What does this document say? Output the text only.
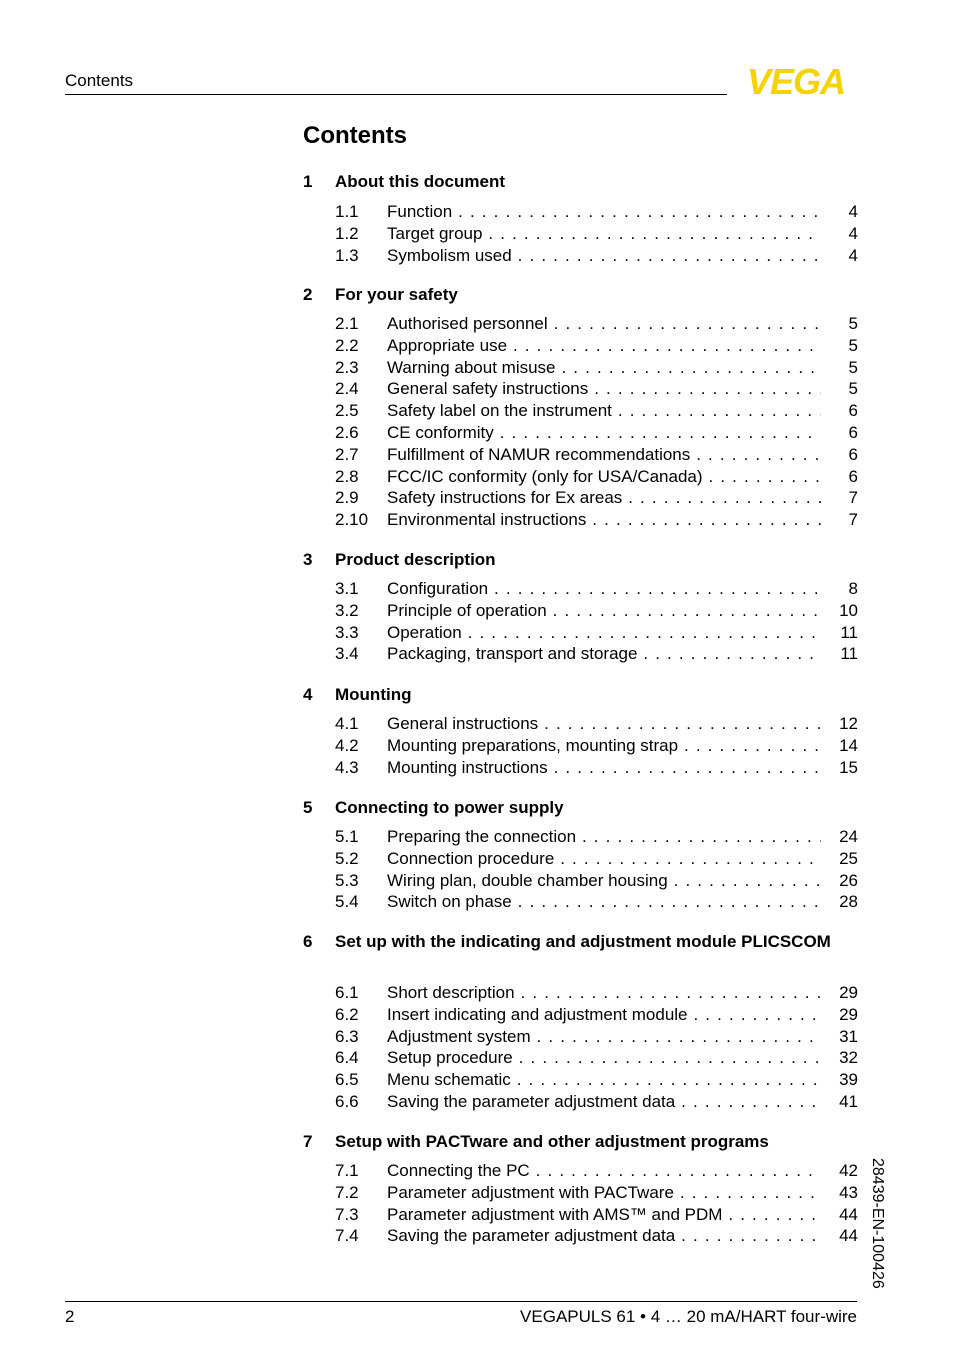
Contents	VEGA
Contents
1 About this document
1.1 Function . . .	4
1.2 Target group . . .	4
1.3 Symbolism used . . .	4
2 For your safety
2.1 Authorised personnel . . .	5
2.2 Appropriate use . . .	5
2.3 Warning about misuse . . .	5
2.4 General safety instructions . . .	5
2.5 Safety label on the instrument . . .	6
2.6 CE conformity . . .	6
2.7 Fulfillment of NAMUR recommendations . . .	6
2.8 FCC/IC conformity (only for USA/Canada) . . .	6
2.9 Safety instructions for Ex areas . . .	7
2.10 Environmental instructions . . .	7
3 Product description
3.1 Configuration . . .	8
3.2 Principle of operation . . .	10
3.3 Operation . . .	11
3.4 Packaging, transport and storage . . .	11
4 Mounting
4.1 General instructions . . .	12
4.2 Mounting preparations, mounting strap . . .	14
4.3 Mounting instructions . . .	15
5 Connecting to power supply
5.1 Preparing the connection . . .	24
5.2 Connection procedure . . .	25
5.3 Wiring plan, double chamber housing . . .	26
5.4 Switch on phase . . .	28
6 Set up with the indicating and adjustment module PLICSCOM
6.1 Short description . . .	29
6.2 Insert indicating and adjustment module . . .	29
6.3 Adjustment system . . .	31
6.4 Setup procedure . . .	32
6.5 Menu schematic . . .	39
6.6 Saving the parameter adjustment data . . .	41
7 Setup with PACTware and other adjustment programs
7.1 Connecting the PC . . .	42
7.2 Parameter adjustment with PACTware . . .	43
7.3 Parameter adjustment with AMS™ and PDM . . .	44
7.4 Saving the parameter adjustment data . . .	44 28439-EN-100426
2	VEGAPULS 61 • 4 … 20 mA/HART four-wire
